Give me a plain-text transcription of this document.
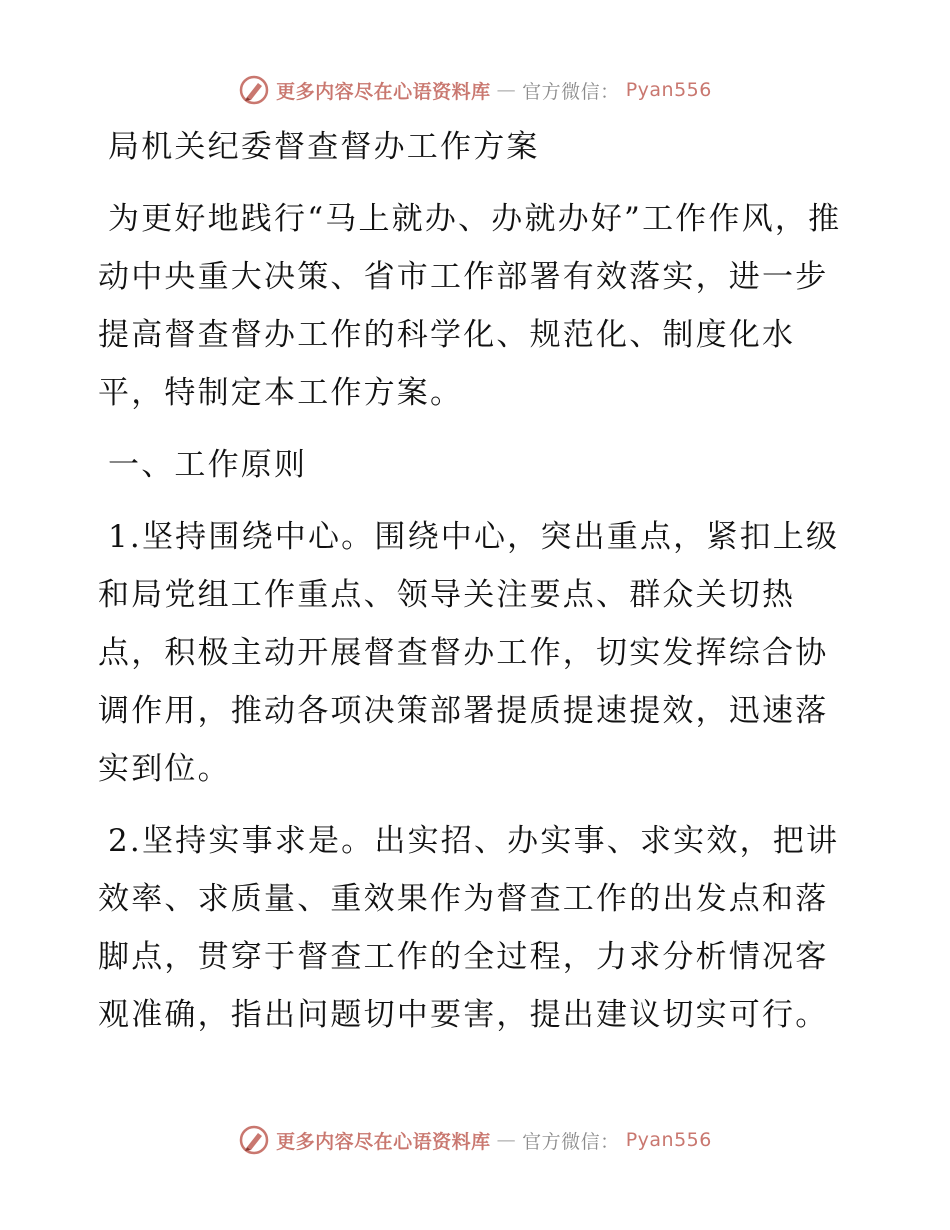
更多内容尽在心语资料库 — 官方微信： Pyan556

局机关纪委督查督办工作方案

为更好地践行“马上就办、办就办好”工作作风，推动中央重大决策、省市工作部署有效落实，进一步提高督查督办工作的科学化、规范化、制度化水平，特制定本工作方案。

一、工作原则

1.坚持围绕中心。围绕中心，突出重点，紧扣上级和局党组工作重点、领导关注要点、群众关切热点，积极主动开展督查督办工作，切实发挥综合协调作用，推动各项决策部署提质提速提效，迅速落实到位。

2.坚持实事求是。出实招、办实事、求实效，把讲效率、求质量、重效果作为督查工作的出发点和落脚点，贯穿于督查工作的全过程，力求分析情况客观准确，指出问题切中要害，提出建议切实可行。

更多内容尽在心语资料库 — 官方微信： Pyan556
